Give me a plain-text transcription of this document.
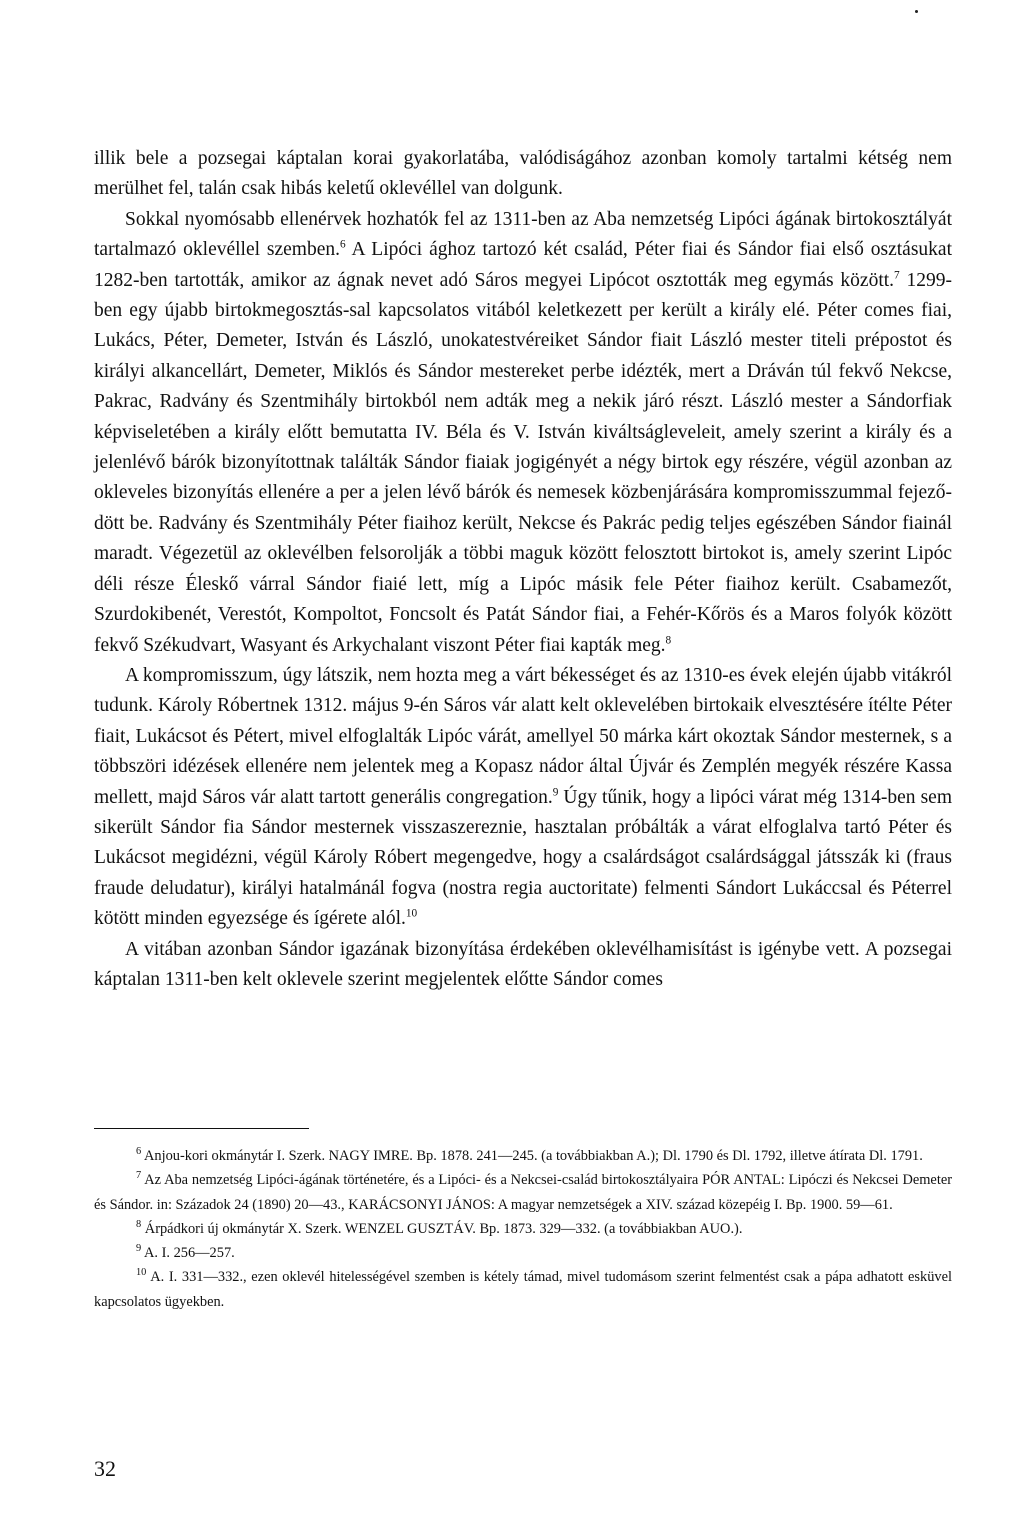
illik bele a pozsegai káptalan korai gyakorlatába, valódiságához azonban komoly tartalmi kétség nem merülhet fel, talán csak hibás keletű oklevéllel van dolgunk.

Sokkal nyomósabb ellenérvek hozhatók fel az 1311-ben az Aba nemzetség Lipóci ágának birtokosztályát tartalmazó oklevéllel szemben.$^6$ A Lipóci ághoz tartozó két család, Péter fiai és Sándor fiai első osztásukat 1282-ben tartották, amikor az ágnak nevet adó Sáros megyei Lipócot osztották meg egymás között.$^7$ 1299-ben egy újabb birtokmegosztás-sal kapcsolatos vitából keletkezett per került a király elé. Péter comes fiai, Lukács, Péter, Demeter, István és László, unokatestvéreiket Sándor fiait László mester titeli prépostot és királyi alkancellárt, Demeter, Miklós és Sándor mestereket perbe idézték, mert a Dráván túl fekvő Nekcse, Pakrac, Radvány és Szentmihály birtokból nem adták meg a nekik járó részt. László mester a Sándorfiak képviseletében a király előtt bemutatta IV. Béla és V. István kiváltságleveleit, amely szerint a király és a jelenlévő bárók bizonyítottnak találták Sándor fiaiak jogigényét a négy birtok egy részére, végül azonban az okleveles bizonyítás ellenére a per a jelen lévő bárók és nemesek közbenjárására kompromisszummal fejező-dött be. Radvány és Szentmihály Péter fiaihoz került, Nekcse és Pakrác pedig teljes egészében Sándor fiainál maradt. Végezetül az oklevélben felsorolják a többi maguk között felosztott birtokot is, amely szerint Lipóc déli része Éleskő várral Sándor fiaié lett, míg a Lipóc másik fele Péter fiaihoz került. Csabamezőt, Szurdokibenét, Verestót, Kompoltot, Foncsolt és Patát Sándor fiai, a Fehér-Kőrös és a Maros folyók között fekvő Székudvart, Wasyant és Arkychalant viszont Péter fiai kapták meg.$^8$

A kompromisszum, úgy látszik, nem hozta meg a várt békességet és az 1310-es évek elején újabb vitákról tudunk. Károly Róbertnek 1312. május 9-én Sáros vár alatt kelt oklevelében birtokaik elvesztésére ítélte Péter fiait, Lukácsot és Pétert, mivel elfoglalták Lipóc várát, amellyel 50 márka kárt okoztak Sándor mesternek, s a többszöri idézések ellenére nem jelentek meg a Kopasz nádor által Újvár és Zemplén megyék részére Kassa mellett, majd Sáros vár alatt tartott generális congregation.$^9$ Úgy tűnik, hogy a lipóci várat még 1314-ben sem sikerült Sándor fia Sándor mesternek visszaszereznie, hasztalan próbálták a várat elfoglalva tartó Péter és Lukácsot megidézni, végül Károly Róbert megengedve, hogy a csalárdságot csalárdsággal játsszák ki (fraus fraude deludatur), királyi hatalmánál fogva (nostra regia auctoritate) felmenti Sándort Lukáccsal és Péterrel kötött minden egyezsége és ígérete alól.$^{10}$

A vitában azonban Sándor igazának bizonyítása érdekében oklevélhamisítást is igénybe vett. A pozsegai káptalan 1311-ben kelt oklevele szerint megjelentek előtte Sándor comes

$^6$ Anjou-kori okmánytár I. Szerk. NAGY IMRE. Bp. 1878. 241—245. (a továbbiakban A.); Dl. 1790 és Dl. 1792, illetve átírata Dl. 1791.

$^7$ Az Aba nemzetség Lipóci-ágának történetére, és a Lipóci- és a Nekcsei-család birtokosztályaira PÓR ANTAL: Lipóczi és Nekcsei Demeter és Sándor. in: Századok 24 (1890) 20—43., KARÁCSONYI JÁNOS: A magyar nemzetségek a XIV. század közepéig I. Bp. 1900. 59—61.

$^8$ Árpádkori új okmánytár X. Szerk. WENZEL GUSZTÁV. Bp. 1873. 329—332. (a továbbiakban AUO.).

$^9$ A. I. 256—257.

$^{10}$ A. I. 331—332., ezen oklevél hitelességével szemben is kétely támad, mivel tudomásom szerint felmentést csak a pápa adhatott esküvel kapcsolatos ügyekben.

32
